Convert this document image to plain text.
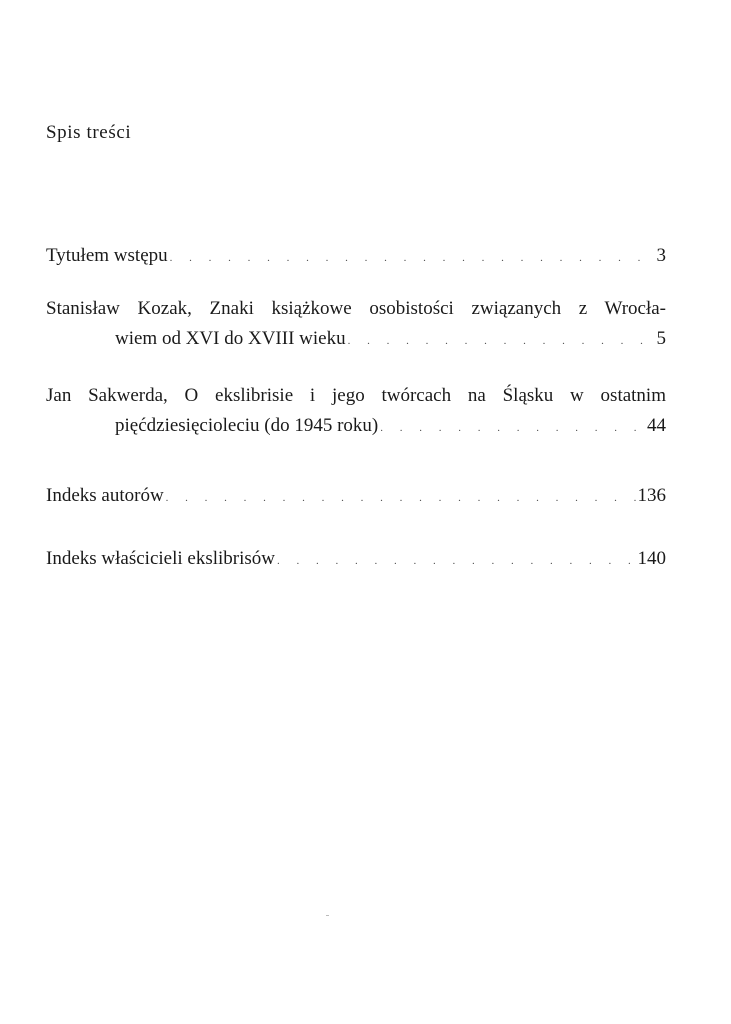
Spis treści
Tytułem wstępu . . .	3
Stanisław Kozak, Znaki książkowe osobistości związanych z Wrocła-
wiem od XVI do XVIII wieku . . .	5
Jan Sakwerda, O ekslibrisie i jego twórcach na Śląsku w ostatnim
pięćdziesięcioleciu (do 1945 roku) . . .	44
Indeks autorów . . .	136
Indeks właścicieli ekslibrisów . . .	140
